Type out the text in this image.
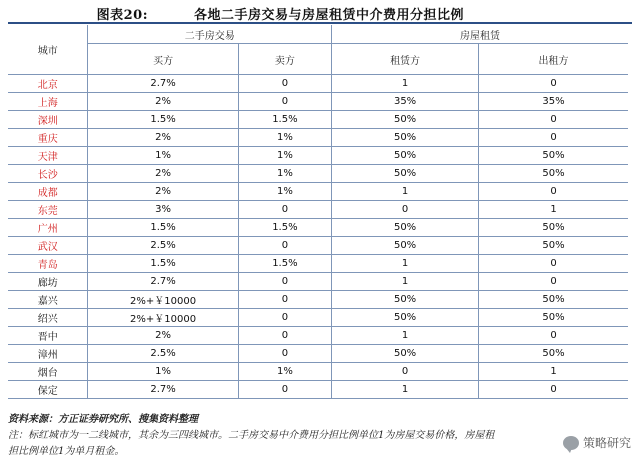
图表20:	各地二手房交易与房屋租赁中介费用分担比例
城市	二手房交易		房屋租赁	
	买方	卖方	租赁方	出租方
北京	2.7%	0	1	0
上海	2%	0	35%	35%
深圳	1.5%	1.5%	50%	0
重庆	2%	1%	50%	0
天津	1%	1%	50%	50%
长沙	2%	1%	50%	50%
成都	2%	1%	1	0
东莞	3%	0	0	1
广州	1.5%	1.5%	50%	50%
武汉	2.5%	0	50%	50%
青岛	1.5%	1.5%	1	0
廊坊	2.7%	0	1	0
嘉兴	2%+￥10000	0	50%	50%
绍兴	2%+￥10000	0	50%	50%
晋中	2%	0	1	0
漳州	2.5%	0	50%	50%
烟台	1%	1%	0	1
保定	2.7%	0	1	0
资料来源：方正证券研究所、搜集资料整理
注：标红城市为一二线城市，其余为三四线城市。二手房交易中介费用分担比例单位1为房屋交易价格，房屋租
担比例单位1为单月租金。
策略研究
